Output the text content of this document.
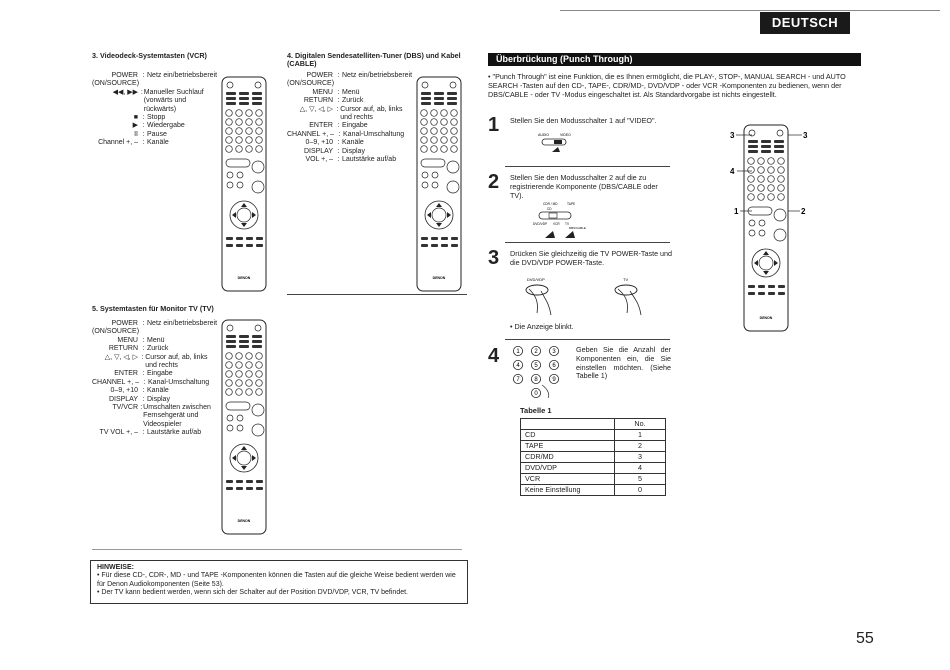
DEUTSCH
3. Videodeck-Systemtasten (VCR)
POWER : Netz ein/betriebsbereit
(ON/SOURCE)
◀◀, ▶▶ : Manueller Suchlauf (vorwärts und rückwärts)
■ : Stopp
▶ : Wiedergabe
II : Pause
Channel +, – : Kanäle
4. Digitalen Sendesatelliten-Tuner (DBS) und Kabel (CABLE)
POWER : Netz ein/betriebsbereit
(ON/SOURCE)
MENU : Menü
RETURN : Zurück
△, ▽, ◁, ▷ : Cursor auf, ab, links und rechts
ENTER : Eingabe
CHANNEL +, – : Kanal-Umschaltung
0–9, +10 : Kanäle
DISPLAY : Display
VOL +, – : Lautstärke auf/ab
5. Systemtasten für Monitor TV (TV)
POWER : Netz ein/betriebsbereit
(ON/SOURCE)
MENU : Menü
RETURN : Zurück
△, ▽, ◁, ▷ : Cursor auf, ab, links und rechts
ENTER : Eingabe
CHANNEL +, – : Kanal-Umschaltung
0–9, +10 : Kanäle
DISPLAY : Display
TV/VCR : Umschalten zwischen Fernsehgerät und Videospieler
TV VOL +, – : Lautstärke auf/ab
DENON	DENON
DENON
HINWEISE:
• Für diese CD-, CDR-, MD - und TAPE -Komponenten können die Tasten auf die gleiche Weise bedient werden wie für Denon Audiokomponenten (Seite 53).
• Der TV kann bedient werden, wenn sich der Schalter auf der Position DVD/VDP, VCR, TV befindet.
Überbrückung (Punch Through)
• "Punch Through" ist eine Funktion, die es Ihnen ermöglicht, die PLAY-, STOP-, MANUAL SEARCH - und AUTO SEARCH -Tasten auf den CD-, TAPE-, CDR/MD-, DVD/VDP - oder VCR -Komponenten zu bedienen, wenn der DBS/CABLE - oder TV -Modus eingeschaltet ist. Als Standardvorgabe ist nichts eingestellt.
1 Stellen Sie den Modusschalter 1 auf "VIDEO".
AUDIO	VIDEO
2 Stellen Sie den Modusschalter 2 auf die zu registrierende Komponente (DBS/CABLE oder TV).
CDR / MD	TAPE
CD
DVD/VDP VCR TV
DBS/CABLE
3 Drücken Sie gleichzeitig die TV POWER-Taste und die DVD/VDP POWER-Taste.
DVD/VDP	TV
• Die Anzeige blinkt.
4	1 2 3
4 5 6
7 8 9
0
Geben Sie die Anzahl der Komponenten ein, die Sie einstellen möchten. (Siehe Tabelle 1)
Tabelle 1
	No.
CD	1
TAPE	2
CDR/MD	3
DVD/VDP	4
VCR	5
Keine Einstellung	0
DENON
3	3
4
1	2
55
